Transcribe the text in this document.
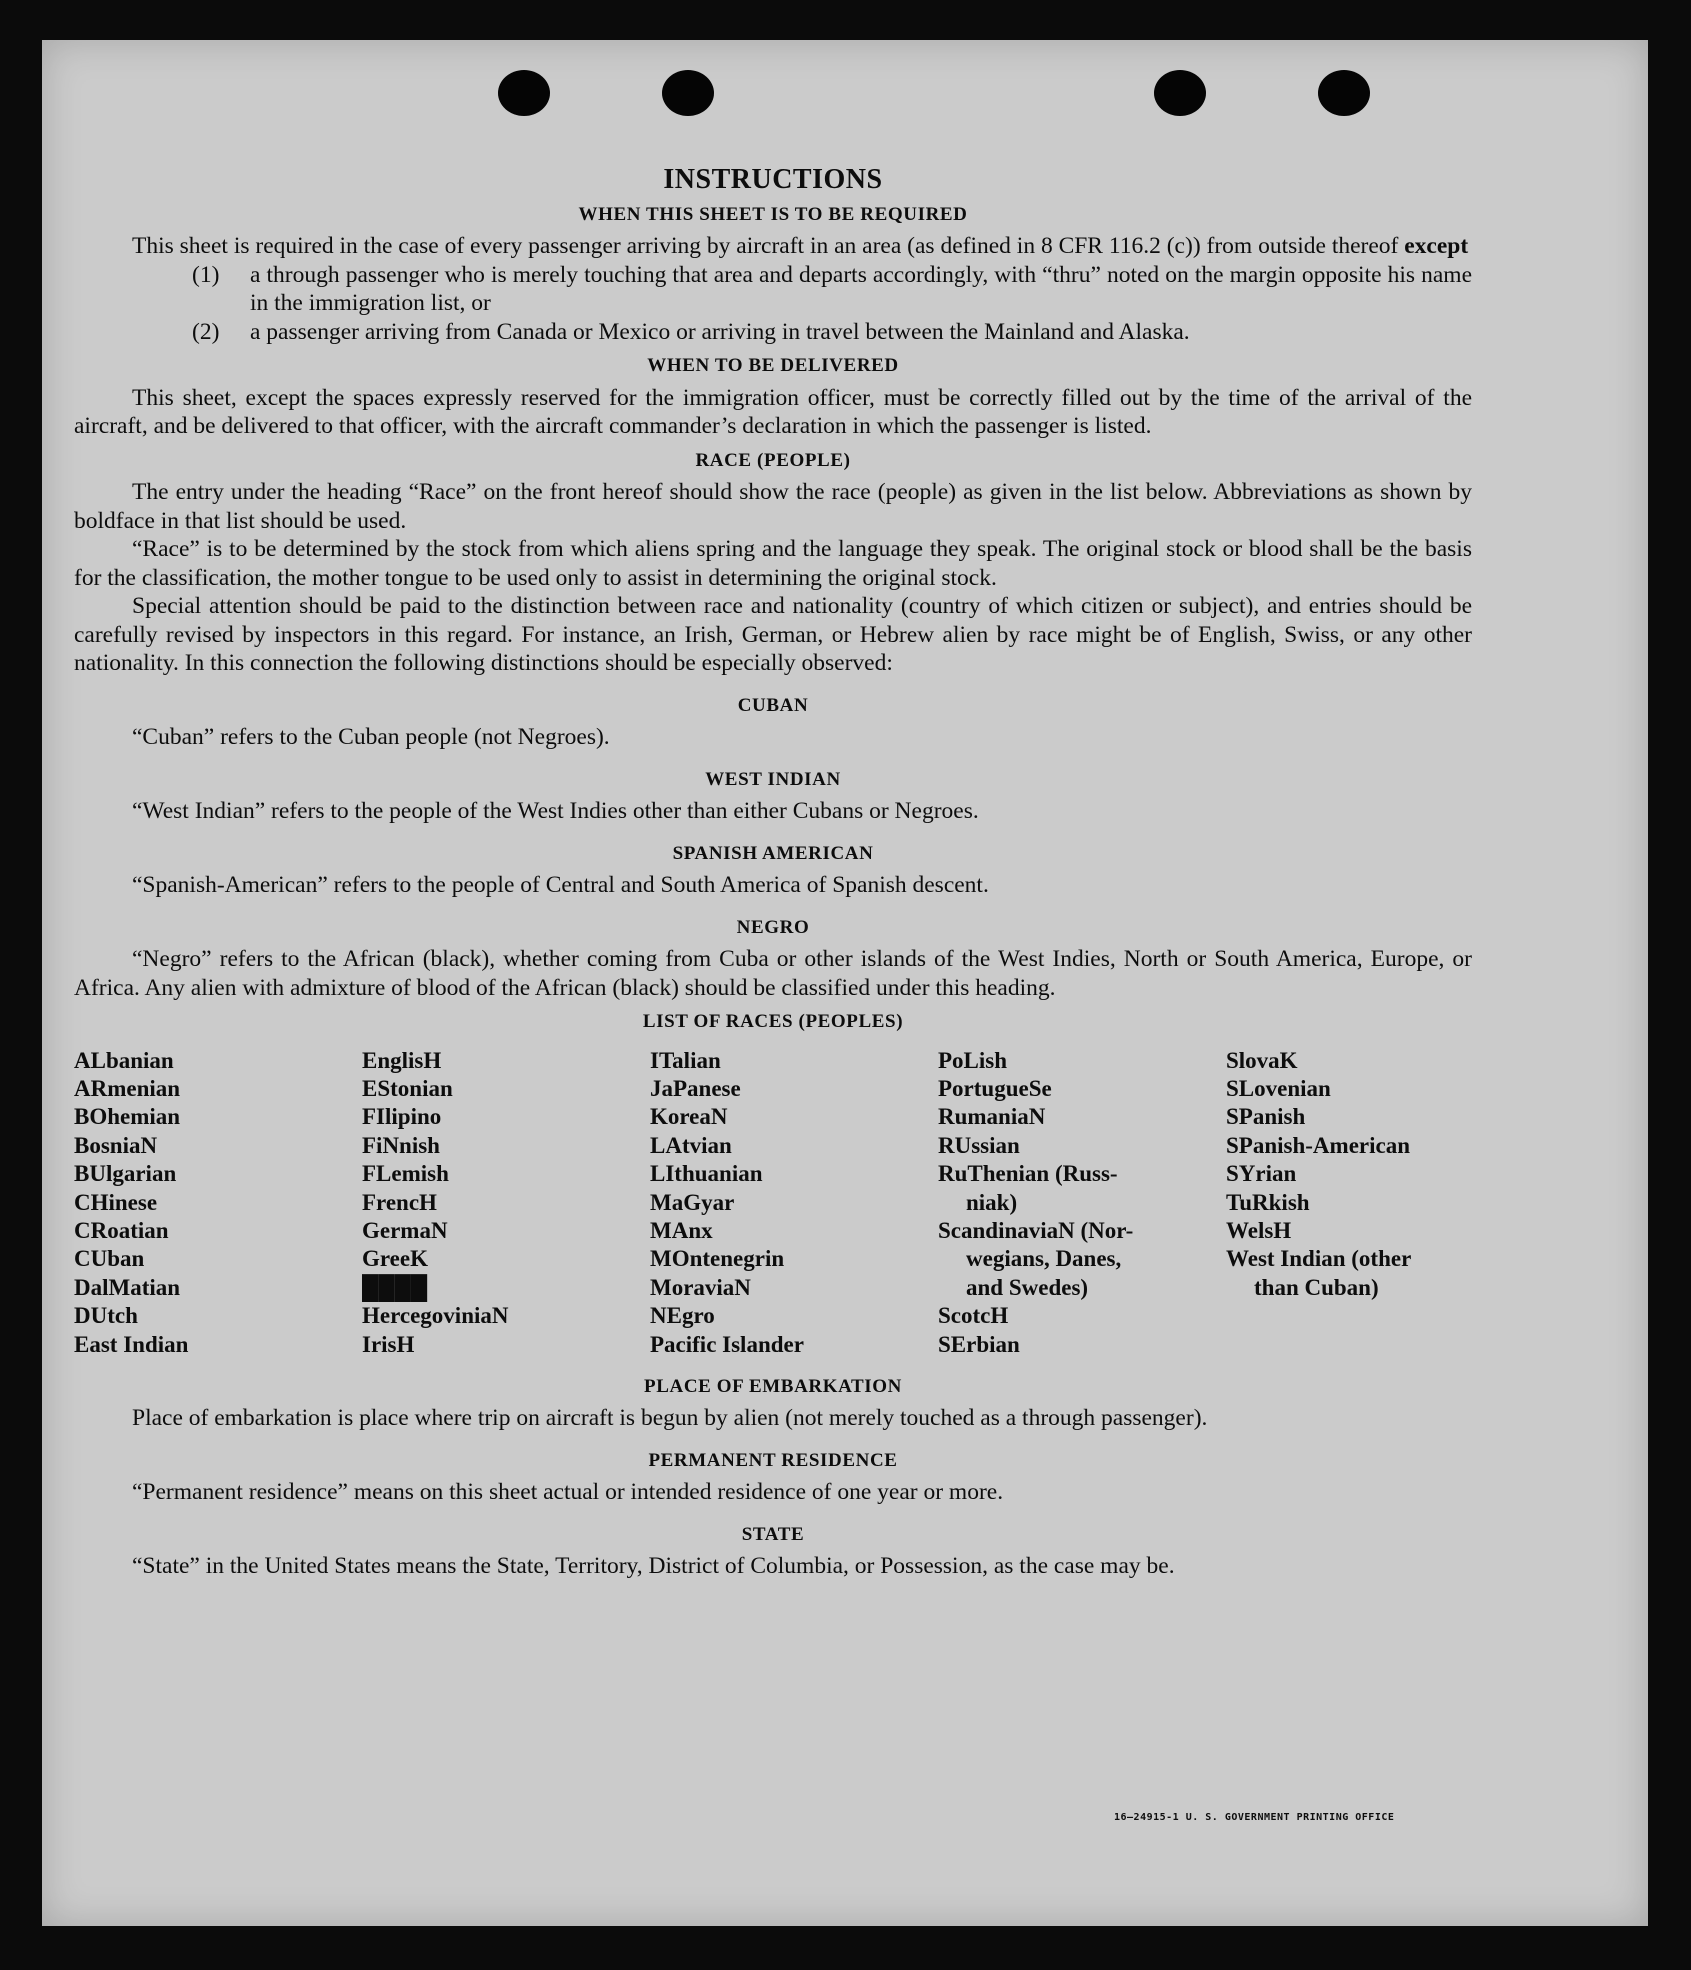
INSTRUCTIONS
WHEN THIS SHEET IS TO BE REQUIRED

This sheet is required in the case of every passenger arriving by aircraft in an area (as defined in 8 CFR 116.2 (c)) from outside thereof except

(1)	a through passenger who is merely touching that area and departs accordingly, with “thru” noted on the margin opposite his name in the immigration list, or
(2)	a passenger arriving from Canada or Mexico or arriving in travel between the Mainland and Alaska.
WHEN TO BE DELIVERED

This sheet, except the spaces expressly reserved for the immigration officer, must be correctly filled out by the time of the arrival of the aircraft, and be delivered to that officer, with the aircraft commander’s declaration in which the passenger is listed.

RACE (PEOPLE)

The entry under the heading “Race” on the front hereof should show the race (people) as given in the list below. Abbreviations as shown by boldface in that list should be used.

“Race” is to be determined by the stock from which aliens spring and the language they speak. The original stock or blood shall be the basis for the classification, the mother tongue to be used only to assist in determining the original stock.

Special attention should be paid to the distinction between race and nationality (country of which citizen or subject), and entries should be carefully revised by inspectors in this regard. For instance, an Irish, German, or Hebrew alien by race might be of English, Swiss, or any other nationality. In this connection the following distinctions should be especially observed:

CUBAN

“Cuban” refers to the Cuban people (not Negroes).

WEST INDIAN

“West Indian” refers to the people of the West Indies other than either Cubans or Negroes.

SPANISH AMERICAN

“Spanish-American” refers to the people of Central and South America of Spanish descent.

NEGRO

“Negro” refers to the African (black), whether coming from Cuba or other islands of the West Indies, North or South America, Europe, or Africa. Any alien with admixture of blood of the African (black) should be classified under this heading.

LIST OF RACES (PEOPLES)
ALbanian
ARmenian
BOhemian
BosniaN
BUlgarian
CHinese
CRoatian
CUban
DalMatian
DUtch
East Indian
EnglisH
EStonian
FIlipino
FiNnish
FLemish
FrencH
GermaN
GreeK
████
HercegoviniaN
IrisH
ITalian
JaPanese
KoreaN
LAtvian
LIthuanian
MaGyar
MAnx
MOntenegrin
MoraviaN
NEgro
Pacific Islander
PoLish
PortugueSe
RumaniaN
RUssian
RuThenian (Russ-
niak)
ScandinaviaN (Nor-
wegians, Danes,
and Swedes)
ScotcH
SErbian
SlovaK
SLovenian
SPanish
SPanish-American
SYrian
TuRkish
WelsH
West Indian (other
than Cuban)
PLACE OF EMBARKATION

Place of embarkation is place where trip on aircraft is begun by alien (not merely touched as a through passenger).

PERMANENT RESIDENCE

“Permanent residence” means on this sheet actual or intended residence of one year or more.

STATE

“State” in the United States means the State, Territory, District of Columbia, or Possession, as the case may be.

16—24915-1 U. S. GOVERNMENT PRINTING OFFICE
